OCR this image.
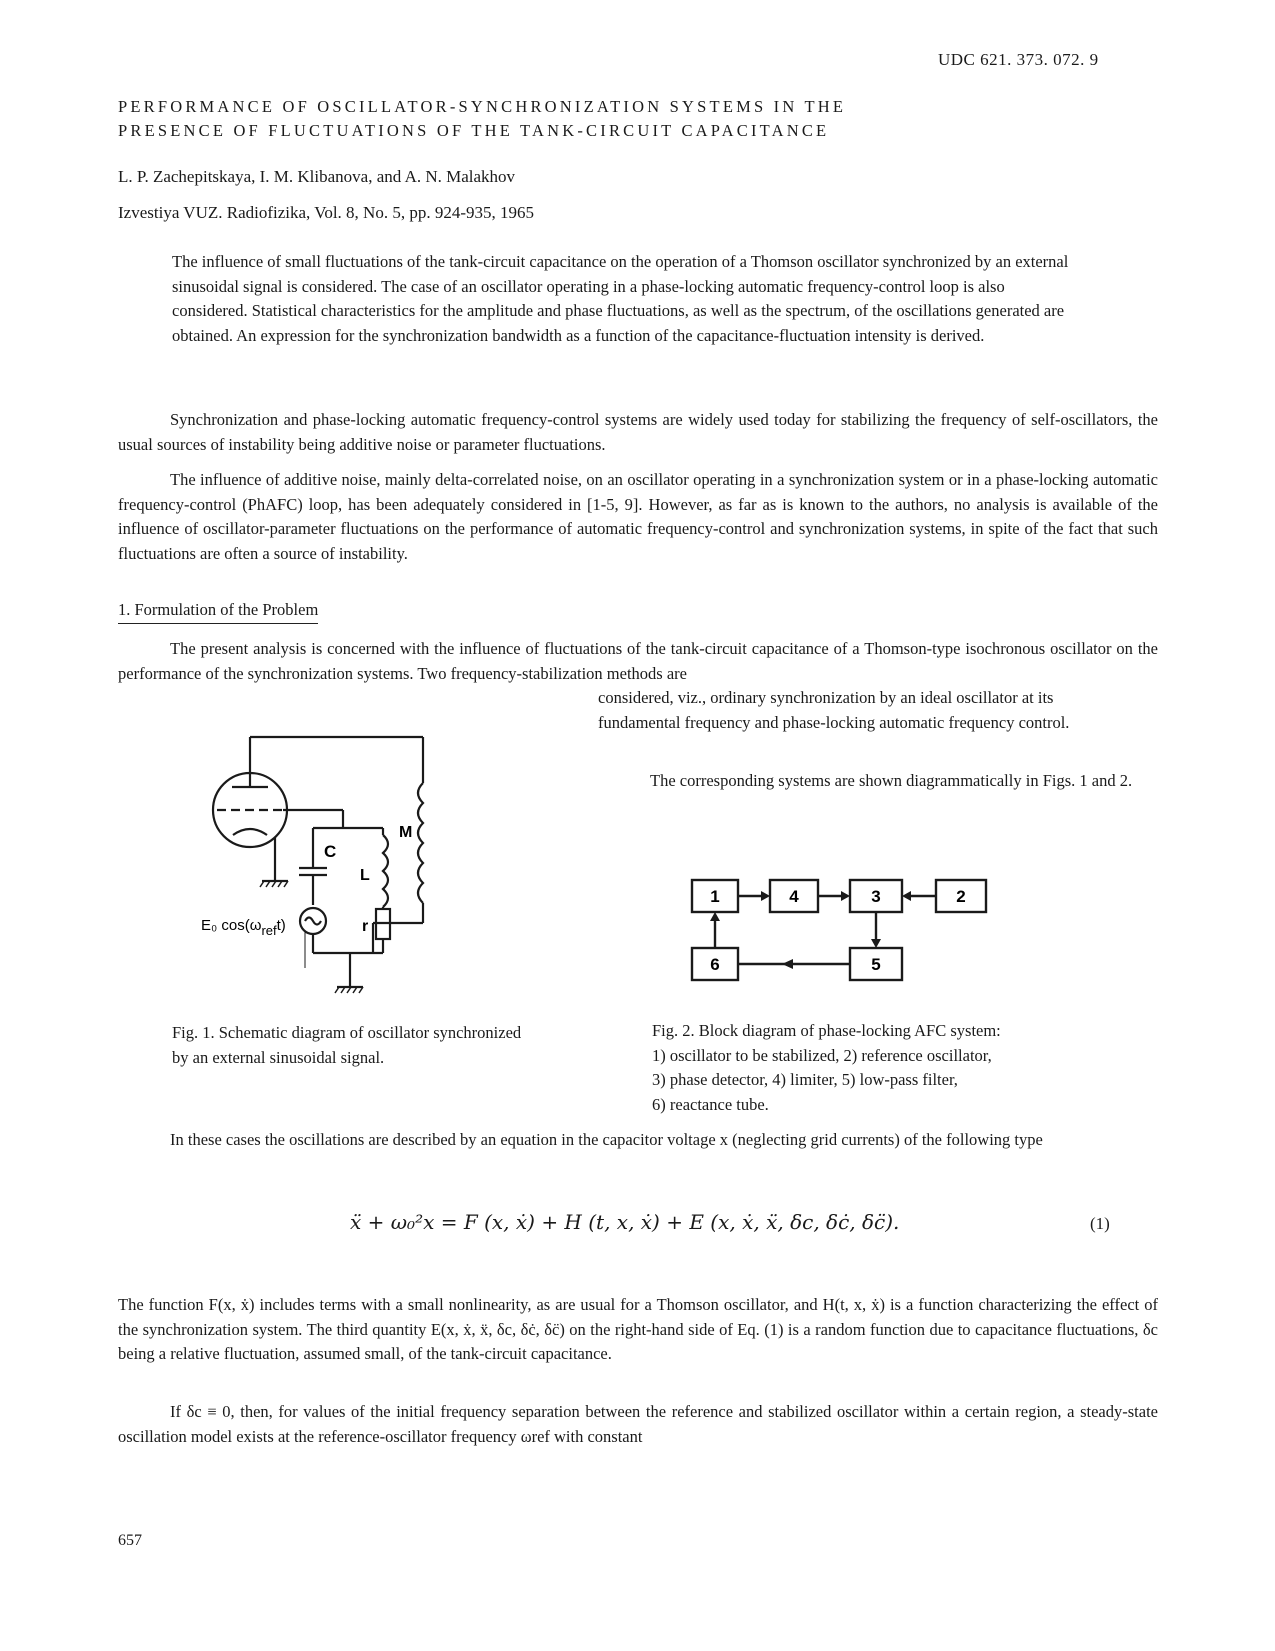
UDC 621. 373. 072. 9
PERFORMANCE OF OSCILLATOR-SYNCHRONIZATION SYSTEMS IN THE
PRESENCE OF FLUCTUATIONS OF THE TANK-CIRCUIT CAPACITANCE
L. P. Zachepitskaya, I. M. Klibanova, and A. N. Malakhov
Izvestiya VUZ. Radiofizika, Vol. 8, No. 5, pp. 924-935, 1965

The influence of small fluctuations of the tank-circuit capacitance on the operation of a Thomson oscillator synchronized by an external sinusoidal signal is considered. The case of an oscillator operating in a phase-locking automatic frequency-control loop is also considered. Statistical characteristics for the amplitude and phase fluctuations, as well as the spectrum, of the oscillations generated are obtained. An expression for the synchronization bandwidth as a function of the capacitance-fluctuation intensity is derived.

Synchronization and phase-locking automatic frequency-control systems are widely used today for stabilizing the frequency of self-oscillators, the usual sources of instability being additive noise or parameter fluctuations.

The influence of additive noise, mainly delta-correlated noise, on an oscillator operating in a synchronization system or in a phase-locking automatic frequency-control (PhAFC) loop, has been adequately considered in [1-5, 9]. However, as far as is known to the authors, no analysis is available of the influence of oscillator-parameter fluctuations on the performance of automatic frequency-control and synchronization systems, in spite of the fact that such fluctuations are often a source of instability.

1. Formulation of the Problem

The present analysis is concerned with the influence of fluctuations of the tank-circuit capacitance of a Thomson-type isochronous oscillator on the performance of the synchronization systems. Two frequency-stabilization methods are

considered, viz., ordinary synchronization by an ideal oscillator at its fundamental frequency and phase-locking automatic frequency control.

The corresponding systems are shown diagrammatically in Figs. 1 and 2.

C
L
M
r
E₀ cos(ωreft)
1	4	3	2
6	5
Fig. 1. Schematic diagram of oscillator synchronized by an external sinusoidal signal.
Fig. 2. Block diagram of phase-locking AFC system:
1) oscillator to be stabilized, 2) reference oscillator,
3) phase detector, 4) limiter, 5) low-pass filter,
6) reactance tube.

In these cases the oscillations are described by an equation in the capacitor voltage x (neglecting grid currents) of the following type

ẍ + ω₀²x = F (x, ẋ) + H (t, x, ẋ) + E (x, ẋ, ẍ, δc, δċ, δc̈).	(1)

The function F(x, ẋ) includes terms with a small nonlinearity, as are usual for a Thomson oscillator, and H(t, x, ẋ) is a function characterizing the effect of the synchronization system. The third quantity E(x, ẋ, ẍ, δc, δċ, δc̈) on the right-hand side of Eq. (1) is a random function due to capacitance fluctuations, δc being a relative fluctuation, assumed small, of the tank-circuit capacitance.

If δc ≡ 0, then, for values of the initial frequency separation between the reference and stabilized oscillator within a certain region, a steady-state oscillation model exists at the reference-oscillator frequency ωref with constant

657
